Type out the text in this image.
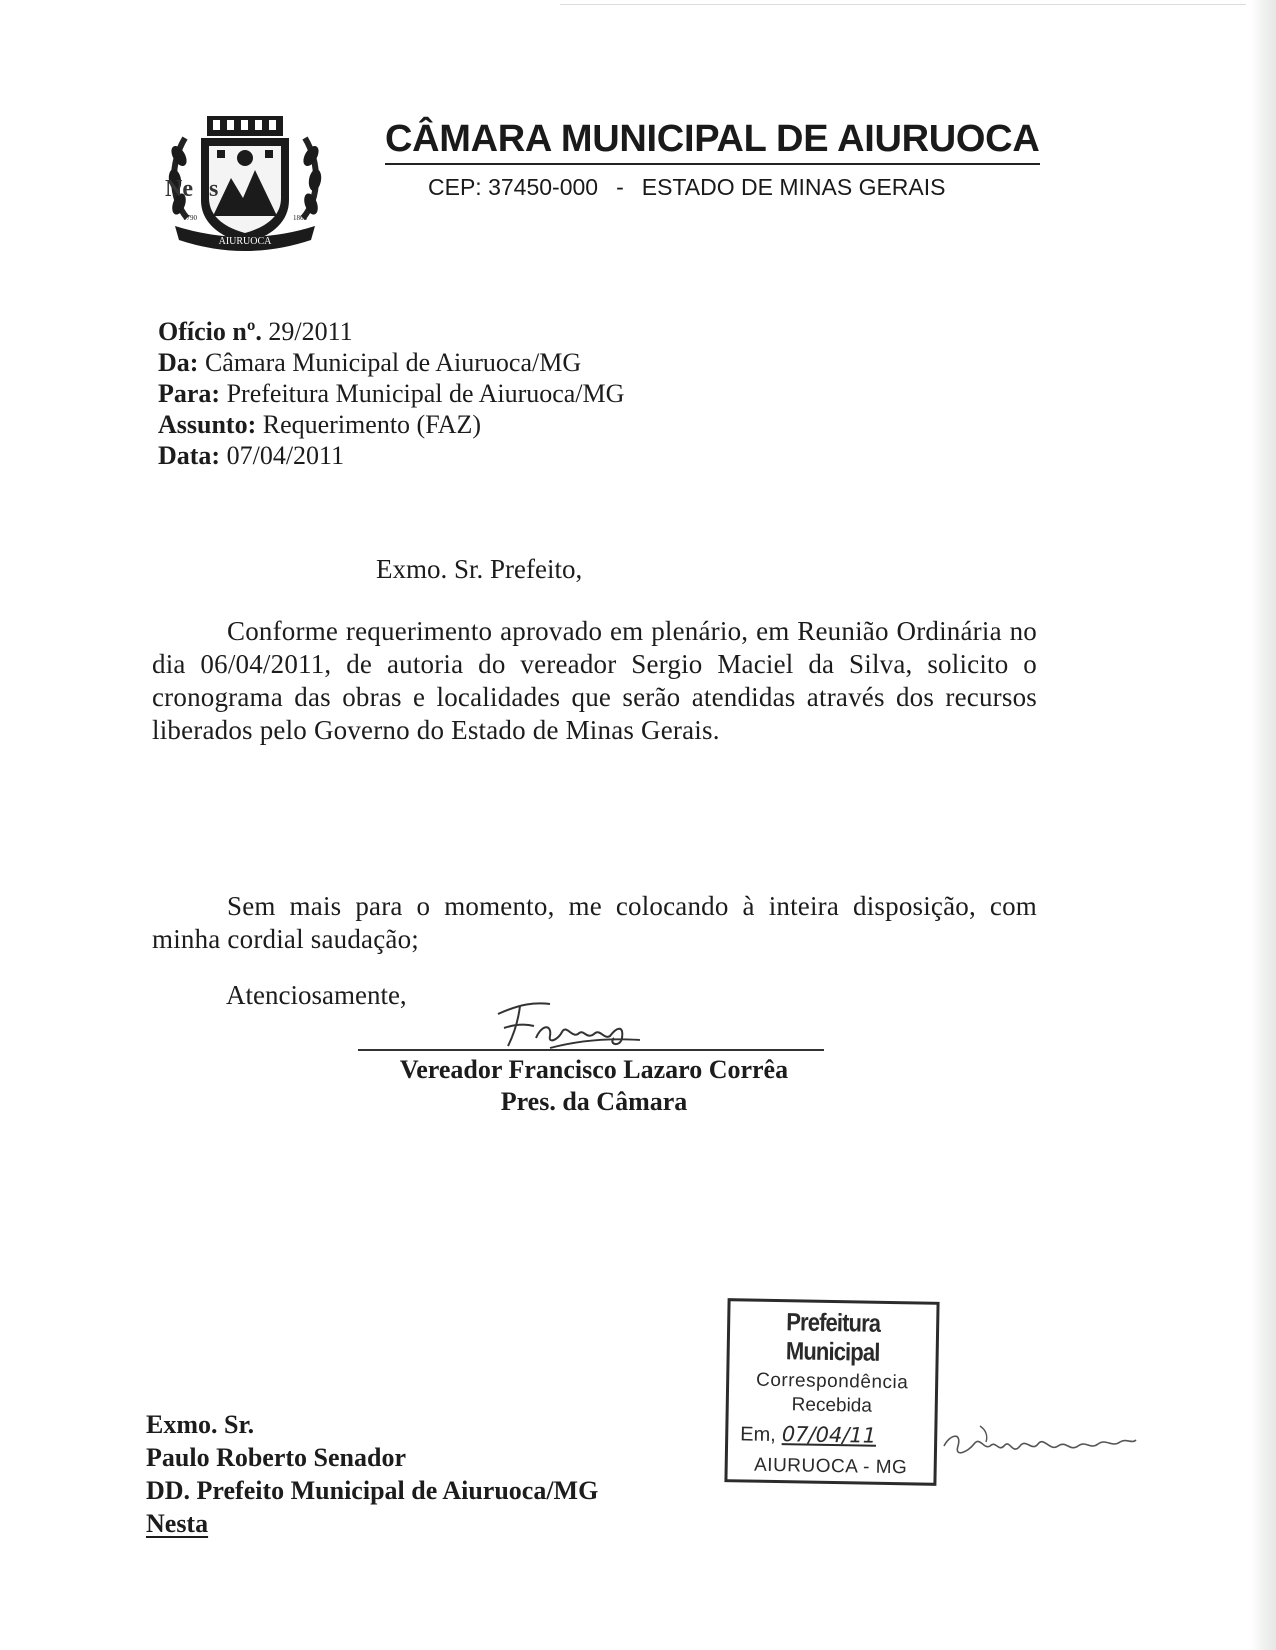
AIURUOCA
1790	1868
Ne s
CÂMARA MUNICIPAL DE AIURUOCA
CEP: 37450-000 - ESTADO DE MINAS GERAIS
Ofício nº. 29/2011
Da: Câmara Municipal de Aiuruoca/MG
Para: Prefeitura Municipal de Aiuruoca/MG
Assunto: Requerimento (FAZ)
Data: 07/04/2011
Exmo. Sr. Prefeito,
Conforme requerimento aprovado em plenário, em Reunião Ordinária no dia 06/04/2011, de autoria do vereador Sergio Maciel da Silva, solicito o cronograma das obras e localidades que serão atendidas através dos recursos liberados pelo Governo do Estado de Minas Gerais.
Sem mais para o momento, me colocando à inteira disposição, com minha cordial saudação;
Atenciosamente,
Vereador Francisco Lazaro Corrêa
Pres. da Câmara
Exmo. Sr.
Paulo Roberto Senador
DD. Prefeito Municipal de Aiuruoca/MG
Nesta
Prefeitura Municipal
Correspondência
Recebida
Em, 07/04/11
AIURUOCA - MG
